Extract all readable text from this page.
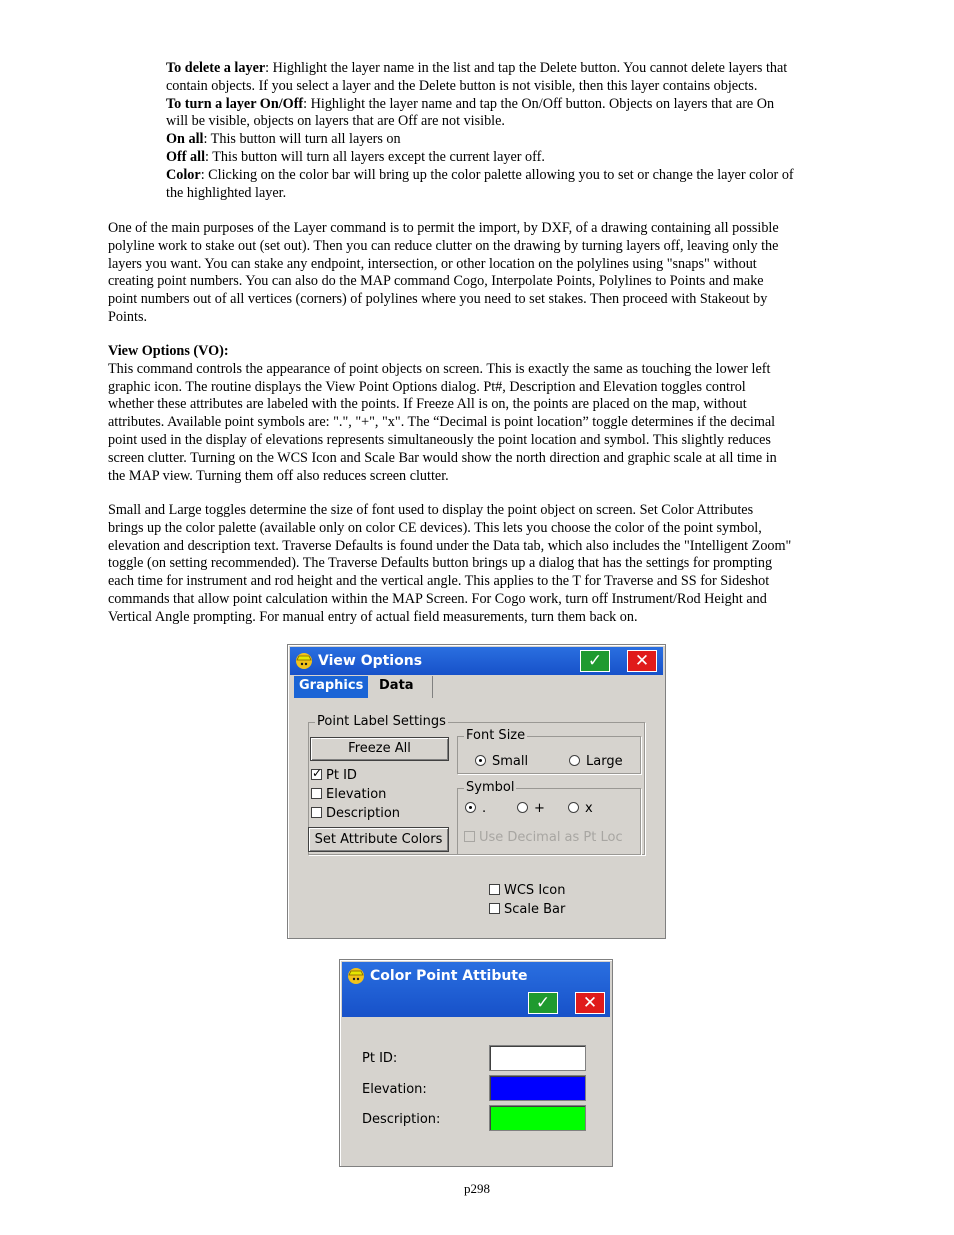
To delete a layer: Highlight the layer name in the list and tap the Delete button. You cannot delete layers that
contain objects. If you select a layer and the Delete button is not visible, then this layer contains objects.
To turn a layer On/Off: Highlight the layer name and tap the On/Off button. Objects on layers that are On
will be visible, objects on layers that are Off are not visible.
On all: This button will turn all layers on
Off all: This button will turn all layers except the current layer off.
Color: Clicking on the color bar will bring up the color palette allowing you to set or change the layer color of
the highlighted layer.
One of the main purposes of the Layer command is to permit the import, by DXF, of a drawing containing all possible
polyline work to stake out (set out). Then you can reduce clutter on the drawing by turning layers off, leaving only the
layers you want. You can stake any endpoint, intersection, or other location on the polylines using "snaps" without
creating point numbers. You can also do the MAP command Cogo, Interpolate Points, Polylines to Points and make
point numbers out of all vertices (corners) of polylines where you need to set stakes. Then proceed with Stakeout by
Points.
View Options (VO):
This command controls the appearance of point objects on screen. This is exactly the same as touching the lower left
graphic icon. The routine displays the View Point Options dialog. Pt#, Description and Elevation toggles control
whether these attributes are labeled with the points. If Freeze All is on, the points are placed on the map, without
attributes. Available point symbols are: ".", "+", "x". The “Decimal is point location” toggle determines if the decimal
point used in the display of elevations represents simultaneously the point location and symbol. This slightly reduces
screen clutter. Turning on the WCS Icon and Scale Bar would show the north direction and graphic scale at all time in
the MAP view. Turning them off also reduces screen clutter.
Small and Large toggles determine the size of font used to display the point object on screen. Set Color Attributes
brings up the color palette (available only on color CE devices). This lets you choose the color of the point symbol,
elevation and description text. Traverse Defaults is found under the Data tab, which also includes the "Intelligent Zoom"
toggle (on setting recommended). The Traverse Defaults button brings up a dialog that has the settings for prompting
each time for instrument and rod height and the vertical angle. This applies to the T for Traverse and SS for Sideshot
commands that allow point calculation within the MAP Screen. For Cogo work, turn off Instrument/Rod Height and
Vertical Angle prompting. For manual entry of actual field measurements, turn them back on.
View Options	✓	✕
Graphics	Data
Point Label Settings
Freeze All
✓Pt ID
Elevation
Description
Set Attribute Colors
Font Size
Small	Large
Symbol
.	+	x
Use Decimal as Pt Loc
WCS Icon
Scale Bar
Color Point Attibute
✓	✕
Pt ID:
Elevation:
Description:
p298
